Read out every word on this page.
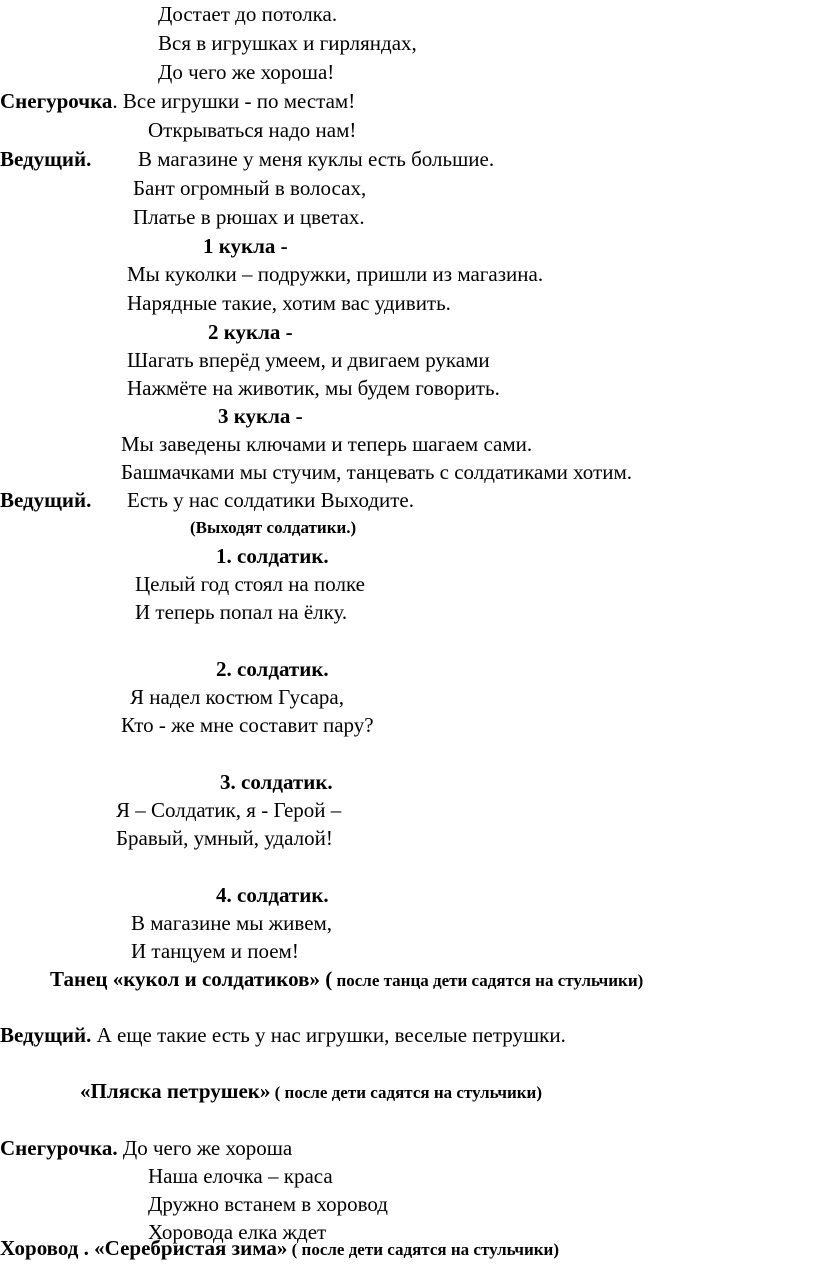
Достает до потолка.
Вся в игрушках и гирляндах,
До чего же хороша!
Снегурочка. Все игрушки - по местам!
Открываться надо нам!
Ведущий. В магазине у меня куклы есть большие.
Бант огромный в волосах,
Платье в рюшах и цветах.
1 кукла -
Мы куколки – подружки, пришли из магазина.
Нарядные такие, хотим вас удивить.
2 кукла -
Шагать вперёд умеем, и двигаем руками
Нажмёте на животик, мы будем говорить.
3 кукла -
Мы заведены ключами и теперь шагаем сами.
Башмачками мы стучим, танцевать с солдатиками хотим.
Ведущий. Есть у нас солдатики Выходите.
(Выходят солдатики.)
1. солдатик.
Целый год стоял на полке
И теперь попал на ёлку.
2. солдатик.
Я надел костюм Гусара,
Кто - же мне составит пару?
3. солдатик.
Я – Солдатик, я - Герой –
Бравый, умный, удалой!
4. солдатик.
В магазине мы живем,
И танцуем и поем!
Танец «кукол и солдатиков» ( после танца дети садятся на стульчики)
Ведущий. А еще такие есть у нас игрушки, веселые петрушки.
«Пляска петрушек» ( после дети садятся на стульчики)
Снегурочка. До чего же хороша
Наша елочка – краса
Дружно встанем в хоровод
Хоровода елка ждет
Хоровод . «Серебристая зима» ( после дети садятся на стульчики)
